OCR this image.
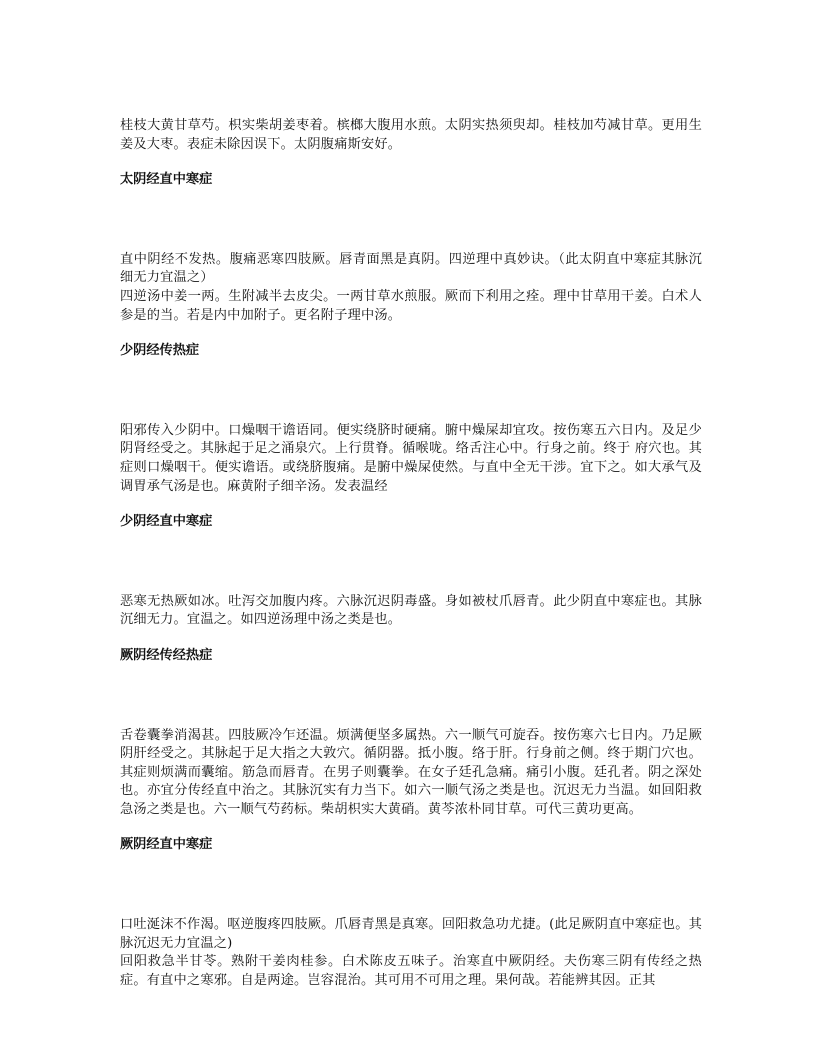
桂枝大黄甘草芍。枳实柴胡姜枣着。槟榔大腹用水煎。太阴实热须臾却。桂枝加芍减甘草。更用生姜及大枣。表症未除因误下。太阴腹痛斯安好。

太阴经直中寒症

直中阴经不发热。腹痛恶寒四肢厥。唇青面黑是真阴。四逆理中真妙诀。（此太阴直中寒症其脉沉细无力宜温之）

四逆汤中姜一两。生附减半去皮尖。一两甘草水煎服。厥而下利用之痊。理中甘草用干姜。白术人参是的当。若是内中加附子。更名附子理中汤。

少阴经传热症

阳邪传入少阴中。口燥咽干谵语同。便实绕脐时硬痛。腑中燥屎却宜攻。按伤寒五六日内。及足少阴肾经受之。其脉起于足之涌泉穴。上行贯脊。循喉咙。络舌注心中。行身之前。终于 府穴也。其症则口燥咽干。便实谵语。或绕脐腹痛。是腑中燥屎使然。与直中全无干涉。宜下之。如大承气及调胃承气汤是也。麻黄附子细辛汤。发表温经

少阴经直中寒症

恶寒无热厥如冰。吐泻交加腹内疼。六脉沉迟阴毒盛。身如被杖爪唇青。此少阴直中寒症也。其脉沉细无力。宜温之。如四逆汤理中汤之类是也。

厥阴经传经热症

舌卷囊拳消渴甚。四肢厥冷乍还温。烦满便坚多属热。六一顺气可旋吞。按伤寒六七日内。乃足厥阴肝经受之。其脉起于足大指之大敦穴。循阴器。抵小腹。络于肝。行身前之侧。终于期门穴也。其症则烦满而囊缩。筋急而唇青。在男子则囊拳。在女子廷孔急痛。痛引小腹。廷孔者。阴之深处也。亦宜分传经直中治之。其脉沉实有力当下。如六一顺气汤之类是也。沉迟无力当温。如回阳救急汤之类是也。六一顺气芍药标。柴胡枳实大黄硝。黄芩浓朴同甘草。可代三黄功更高。

厥阴经直中寒症

口吐涎沫不作渴。呕逆腹疼四肢厥。爪唇青黑是真寒。回阳救急功尤捷。(此足厥阴直中寒症也。其脉沉迟无力宜温之)

回阳救急半甘苓。熟附干姜肉桂参。白术陈皮五味子。治寒直中厥阴经。夫伤寒三阴有传经之热症。有直中之寒邪。自是两途。岂容混治。其可用不可用之理。果何哉。若能辨其因。正其
